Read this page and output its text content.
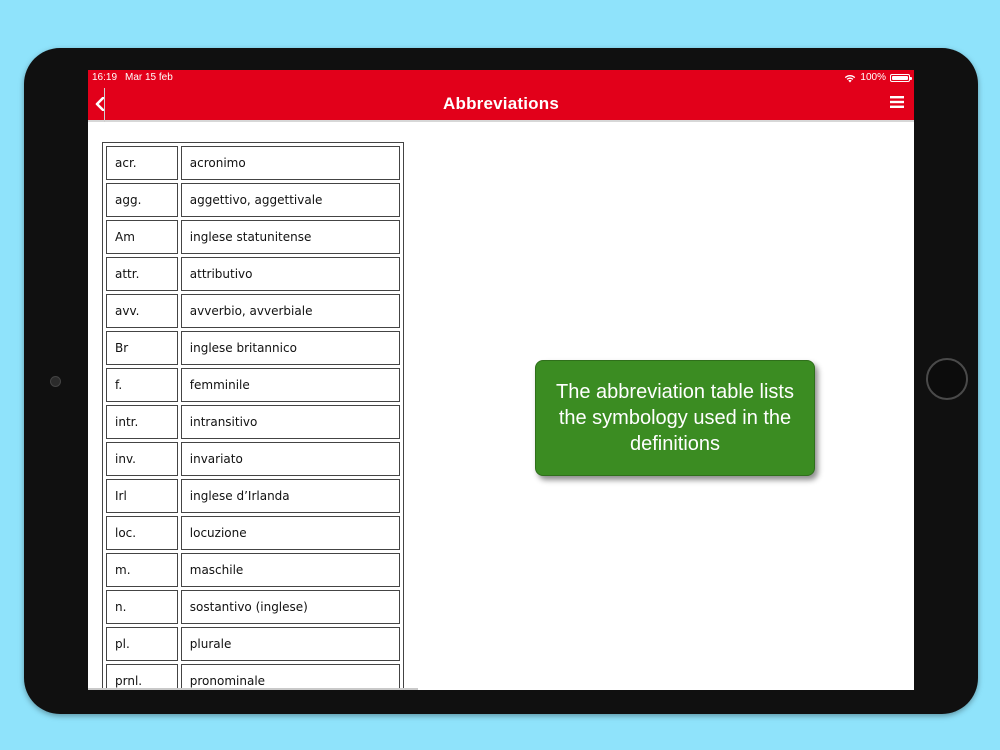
16:19 Mar 15 feb	100%
Abbreviations
acr.	acronimo
agg.	aggettivo, aggettivale
Am	inglese statunitense
attr.	attributivo
avv.	avverbio, avverbiale
Br	inglese britannico
f.	femminile
intr.	intransitivo
inv.	invariato
Irl	inglese d’Irlanda
loc.	locuzione
m.	maschile
n.	sostantivo (inglese)
pl.	plurale
prnl.	pronominale
The abbreviation table lists the symbology used in the definitions
